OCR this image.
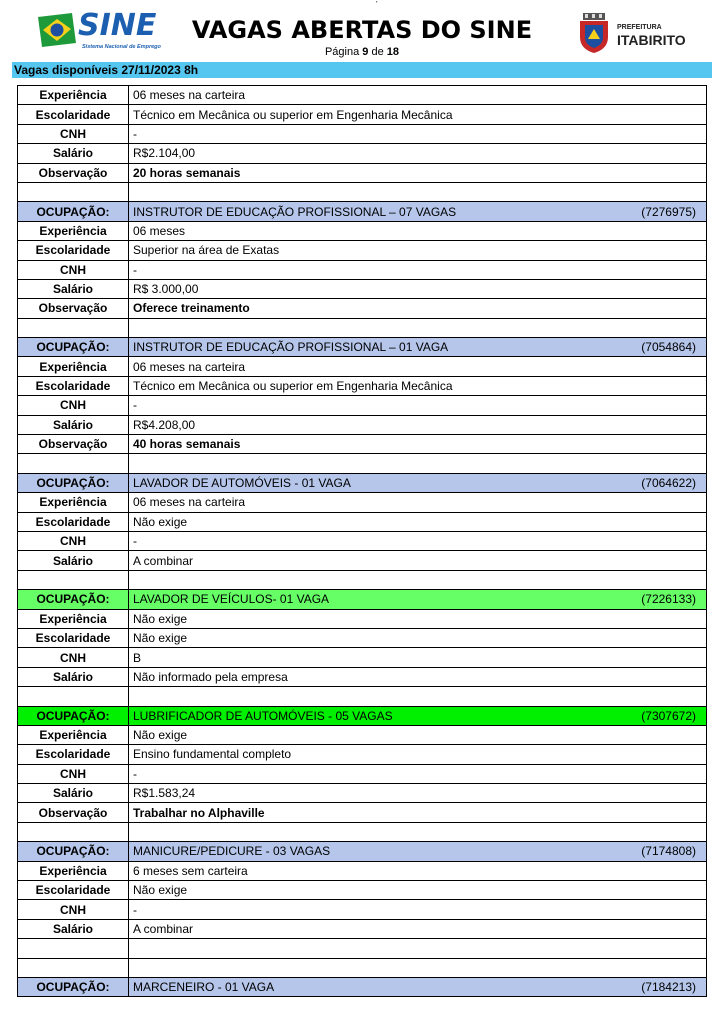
SINE
Sistema Nacional de Emprego
ˊ
VAGAS ABERTAS DO SINE
Página 9 de 18
PREFEITURA
ITABIRITO
Vagas disponíveis 27/11/2023 8h
Experiência	06 meses na carteira
Escolaridade	Técnico em Mecânica ou superior em Engenharia Mecânica
CNH	-
Salário	R$2.104,00
Observação	20 horas semanais

OCUPAÇÃO:	INSTRUTOR DE EDUCAÇÃO PROFISSIONAL – 07 VAGAS (7276975)

Experiência	06 meses
Escolaridade	Superior na área de Exatas
CNH	-
Salário	R$ 3.000,00
Observação	Oferece treinamento

OCUPAÇÃO:	INSTRUTOR DE EDUCAÇÃO PROFISSIONAL – 01 VAGA (7054864)

Experiência	06 meses na carteira
Escolaridade	Técnico em Mecânica ou superior em Engenharia Mecânica
CNH	-
Salário	R$4.208,00
Observação	40 horas semanais

OCUPAÇÃO:	LAVADOR DE AUTOMÓVEIS - 01 VAGA (7064622)

Experiência	06 meses na carteira
Escolaridade	Não exige
CNH	-
Salário	A combinar

OCUPAÇÃO:	LAVADOR DE VEÍCULOS- 01 VAGA (7226133)

Experiência	Não exige
Escolaridade	Não exige
CNH	B
Salário	Não informado pela empresa

OCUPAÇÃO:	LUBRIFICADOR DE AUTOMÓVEIS - 05 VAGAS (7307672)

Experiência	Não exige
Escolaridade	Ensino fundamental completo
CNH	-
Salário	R$1.583,24
Observação	Trabalhar no Alphaville

OCUPAÇÃO:	MANICURE/PEDICURE - 03 VAGAS (7174808)

Experiência	6 meses sem carteira
Escolaridade	Não exige
CNH	-
Salário	A combinar

OCUPAÇÃO:	MARCENEIRO - 01 VAGA (7184213)
